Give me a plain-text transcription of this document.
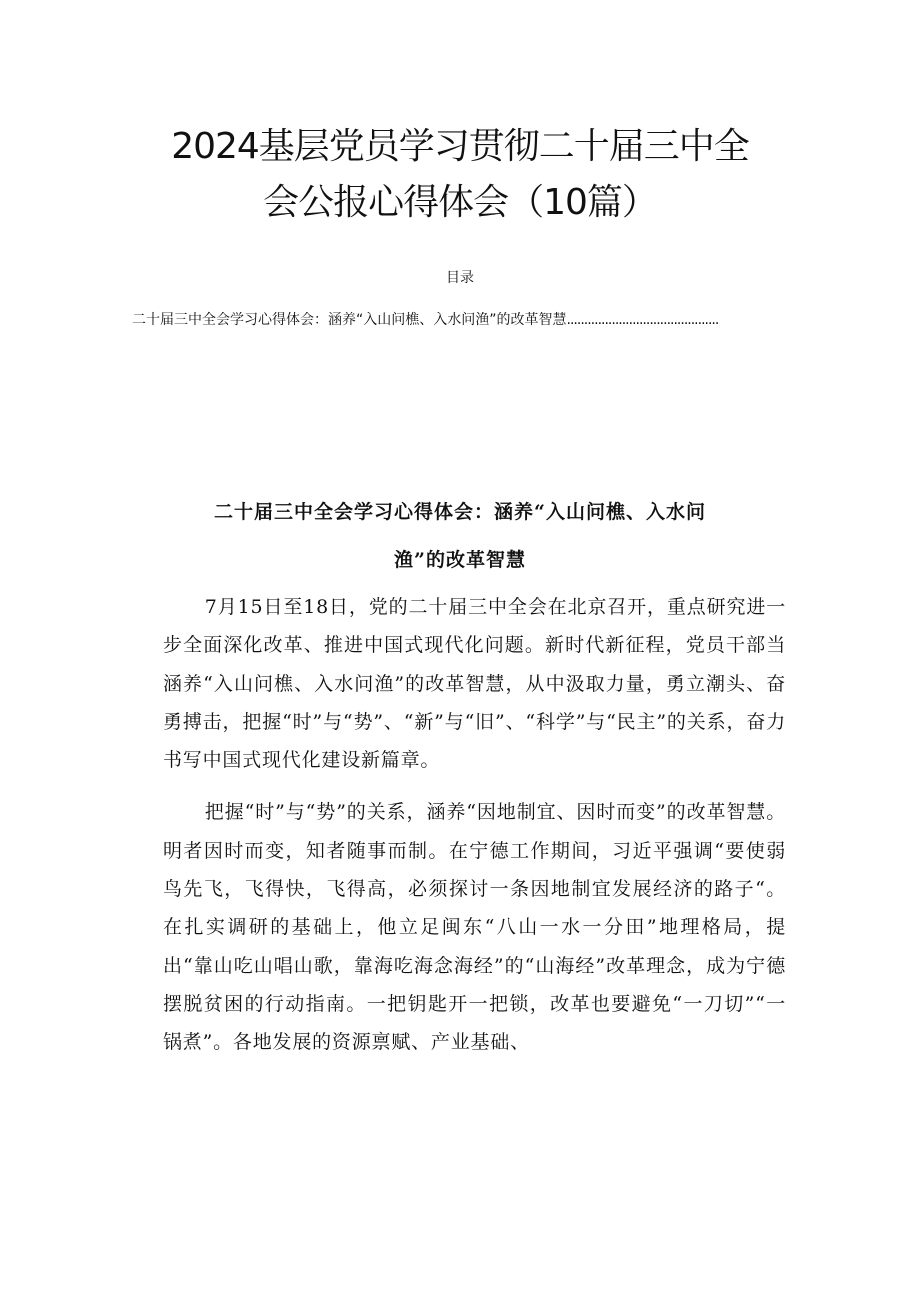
2024基层党员学习贯彻二十届三中全
会公报心得体会（10篇）
目录
二十届三中全会学习心得体会：涵养“入山问樵、入水问渔”的改革智慧............................................
二十届三中全会学习心得体会：涵养“入山问樵、入水问
渔”的改革智慧

7月15日至18日，党的二十届三中全会在北京召开，重点研究进一步全面深化改革、推进中国式现代化问题。新时代新征程，党员干部当涵养“入山问樵、入水问渔”的改革智慧，从中汲取力量，勇立潮头、奋勇搏击，把握“时”与“势”、“新”与“旧”、“科学”与“民主”的关系，奋力书写中国式现代化建设新篇章。

把握“时”与“势”的关系，涵养“因地制宜、因时而变”的改革智慧。明者因时而变，知者随事而制。在宁德工作期间，习近平强调“要使弱鸟先飞，飞得快，飞得高，必须探讨一条因地制宜发展经济的路子“。在扎实调研的基础上，他立足闽东“八山一水一分田”地理格局，提出“靠山吃山唱山歌，靠海吃海念海经”的“山海经”改革理念，成为宁德摆脱贫困的行动指南。一把钥匙开一把锁，改革也要避免“一刀切”“一锅煮”。各地发展的资源禀赋、产业基础、
